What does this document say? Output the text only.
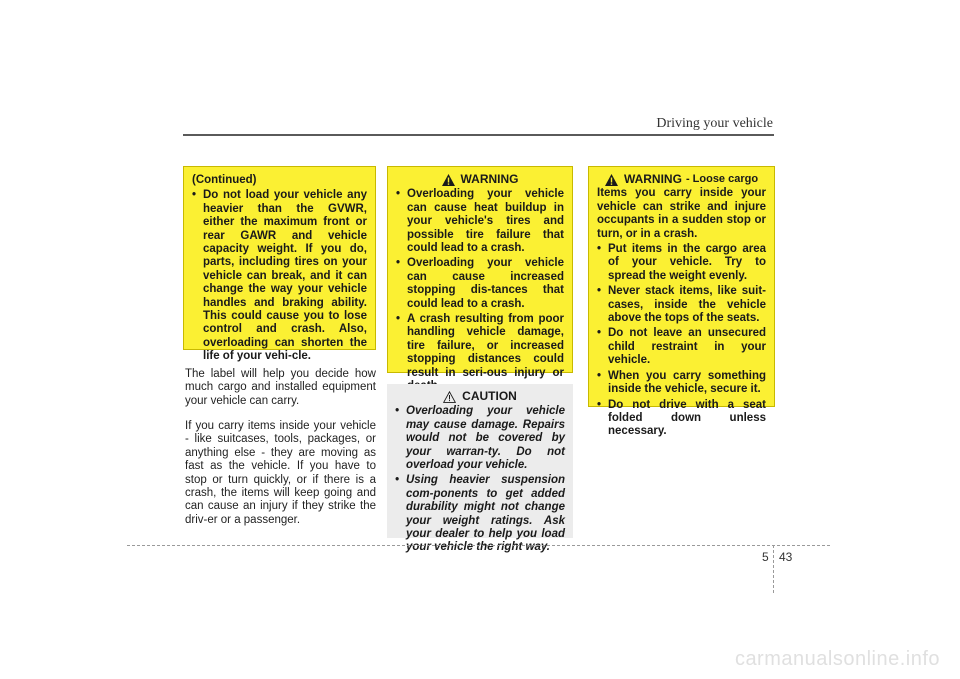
Driving your vehicle
(Continued)
• Do not load your vehicle any heavier than the GVWR, either the maximum front or rear GAWR and vehicle capacity weight. If you do, parts, including tires on your vehicle can break, and it can change the way your vehicle handles and braking ability. This could cause you to lose control and crash. Also, overloading can shorten the life of your vehi-cle.
The label will help you decide how much cargo and installed equipment your vehicle can carry.
If you carry items inside your vehicle - like suitcases, tools, packages, or anything else - they are moving as fast as the vehicle. If you have to stop or turn quickly, or if there is a crash, the items will keep going and can cause an injury if they strike the driv-er or a passenger.
WARNING
• Overloading your vehicle can cause heat buildup in your vehicle's tires and possible tire failure that could lead to a crash.
• Overloading your vehicle can cause increased stopping dis-tances that could lead to a crash.
• A crash resulting from poor handling vehicle damage, tire failure, or increased stopping distances could result in seri-ous injury or
CAUTION
• Overloading your vehicle may cause damage. Repairs would not be covered by your warran-ty. Do not overload your vehicle.
• Using heavier suspension com-ponents to get added durability might not change your weight ratings. Ask your dealer to help you load your vehicle the right way.
WARNING - Loose cargo
Items you carry inside your vehicle can strike and injure occupants in a sudden stop or turn, or in a crash.
• Put items in the cargo area of your vehicle. Try to spread the weight evenly.
• Never stack items, like suit-cases, inside the vehicle above the tops of the seats.
• Do not leave an unsecured child restraint in your vehicle.
• When you carry something inside the vehicle, secure it.
• Do not drive with a seat folded down unless necessary.
5 43
carmanualsonline.info
